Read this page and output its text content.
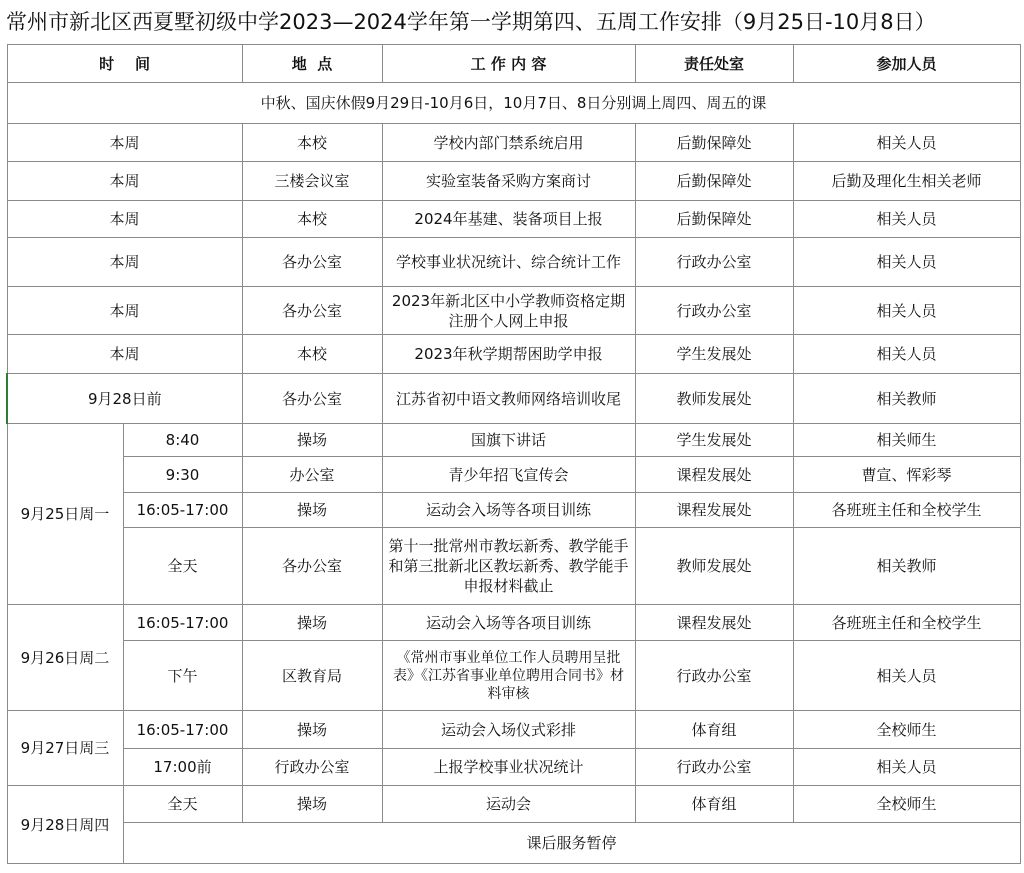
常州市新北区西夏墅初级中学2023—2024学年第一学期第四、五周工作安排（9月25日-10月8日）
时    间		地  点	工 作 内 容	责任处室	参加人员
中秋、国庆休假9月29日-10月6日，10月7日、8日分别调上周四、周五的课					
本周		本校	学校内部门禁系统启用	后勤保障处	相关人员
本周		三楼会议室	实验室装备采购方案商讨	后勤保障处	后勤及理化生相关老师
本周		本校	2024年基建、装备项目上报	后勤保障处	相关人员
本周		各办公室	学校事业状况统计、综合统计工作	行政办公室	相关人员
本周		各办公室	2023年新北区中小学教师资格定期注册个人网上申报	行政办公室	相关人员
本周		本校	2023年秋学期帮困助学申报	学生发展处	相关人员
9月28日前		各办公室	江苏省初中语文教师网络培训收尾	教师发展处	相关教师
9月25日周一	8:40	操场	国旗下讲话	学生发展处	相关师生
	9:30	办公室	青少年招飞宣传会	课程发展处	曹宣、恽彩琴
	16:05-17:00	操场	运动会入场等各项目训练	课程发展处	各班班主任和全校学生
	全天	各办公室	第十一批常州市教坛新秀、教学能手和第三批新北区教坛新秀、教学能手申报材料截止	教师发展处	相关教师
9月26日周二	16:05-17:00	操场	运动会入场等各项目训练	课程发展处	各班班主任和全校学生
	下午	区教育局	《常州市事业单位工作人员聘用呈批表》《江苏省事业单位聘用合同书》材料审核	行政办公室	相关人员
9月27日周三	16:05-17:00	操场	运动会入场仪式彩排	体育组	全校师生
	17:00前	行政办公室	上报学校事业状况统计	行政办公室	相关人员
9月28日周四	全天	操场	运动会	体育组	全校师生
	课后服务暂停				
